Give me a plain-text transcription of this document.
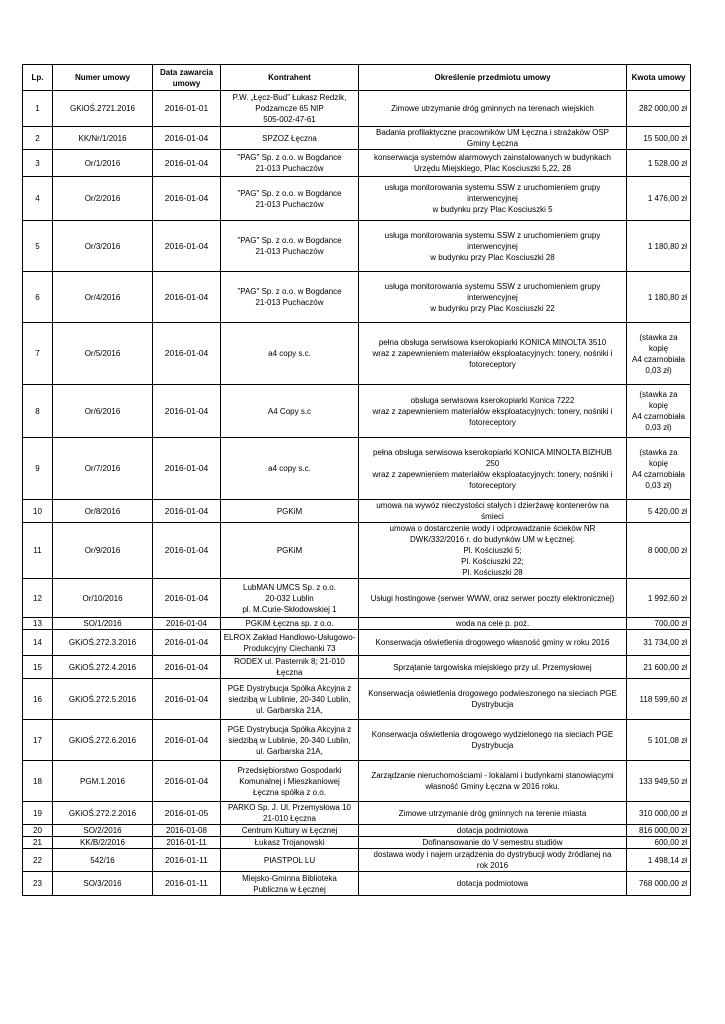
Lp.	Numer umowy	Data zawarcia umowy	Kontrahent	Określenie przedmiotu umowy	Kwota umowy
1	GKiOŚ.2721.2016	2016-01-01	P.W. „Łęcz-Bud” Łukasz Redzik,
Podzamcze 65 NIP
505-002-47-61	Zimowe utrzymanie dróg gminnych na terenach wiejskich	282 000,00 zł

2	KK/Nr/1/2016	2016-01-04	SPZOZ Łęczna	Badania profilaktyczne pracowników UM Łęczna i strażaków OSP
Gminy Łęczna	15 500,00 zł

3	Or/1/2016	2016-01-04	"PAG" Sp. z o.o. w Bogdance
21-013 Puchaczów	konserwacja systemów alarmowych zainstalowanych w budynkach
Urzędu Miejskiego, Plac Kosciuszki 5,22, 28	1 528,00 zł

4	Or/2/2016	2016-01-04	"PAG" Sp. z o.o. w Bogdance
21-013 Puchaczów	usługa monitorowania systemu SSW z uruchomieniem grupy
interwencyjnej
w budynku przy Plac Kosciuszki 5	1 476,00 zł

5	Or/3/2016	2016-01-04	"PAG" Sp. z o.o. w Bogdance
21-013 Puchaczów	usługa monitorowania systemu SSW z uruchomieniem grupy
interwencyjnej
w budynku przy Plac Kosciuszki 28	1 180,80 zł

6	Or/4/2016	2016-01-04	"PAG" Sp. z o.o. w Bogdance
21-013 Puchaczów	usługa monitorowania systemu SSW z uruchomieniem grupy
interwencyjnej
w budynku przy Plac Kosciuszki 22	1 180,80 zł

7	Or/5/2016	2016-01-04	a4 copy s.c.	pełna obsługa serwisowa kserokopiarki KONICA MINOLTA 3510
wraz z zapewnieniem materiałów eksploatacyjnych: tonery, nośniki i
fotoreceptory	(stawka za kopię
A4 czarnobiała
0,03 zł)

8	Or/6/2016	2016-01-04	A4 Copy s.c	obsługa serwisowa kserokopiarki Konica 7222
wraz z zapewnieniem materiałów eksploatacyjnych: tonery, nośniki i
fotoreceptory	(stawka za kopię
A4 czarnobiała
0,03 zł)

9	Or/7/2016	2016-01-04	a4 copy s.c.	pełna obsługa serwisowa kserokopiarki KONICA MINOLTA BIZHUB
250
wraz z zapewnieniem materiałów eksploatacyjnych: tonery, nośniki i
fotoreceptory	(stawka za kopię
A4 czarnobiała
0,03 zł)

10	Or/8/2016	2016-01-04	PGKiM	umowa na wywóz nieczystości stałych i dzierżawę kontenerów na
śmieci	5 420,00 zł

11	Or/9/2016	2016-01-04	PGKiM	umowa o dostarczenie wody i odprowadzanie ścieków NR
DWK/332/2016 r. do budynków UM w Łęcznej:
Pl. Kościuszki 5;
Pl. Kościuszki 22;
Pl. Kościuszki 28	8 000,00 zł

12	Or/10/2016	2016-01-04	LubMAN UMCS Sp. z o.o.
20-032 Lublin
pl. M.Curie-Skłodowskiej 1	Usługi hostingowe (serwer WWW, oraz serwer poczty elektronicznej)	1 992,60 zł

13	SO/1/2016	2016-01-04	PGKiM Łęczna sp. z o.o.	woda na cele p. poż.	700,00 zł

14	GKiOŚ.272.3.2016	2016-01-04	ELROX Zakład Handlowo-Usługowo-
Produkcyjny Ciechanki 73	Konserwacja oświetlenia drogowego własność gminy w roku 2016	31 734,00 zł

15	GKiOŚ.272.4.2016	2016-01-04	RODEX ul. Pasternik 8; 21-010
Łęczna	Sprzątanie targowiska miejskiego przy ul. Przemysłowej	21 600,00 zł

16	GKiOŚ.272.5.2016	2016-01-04	PGE Dystrybucja Spółka Akcyjna z
siedzibą w Lublinie, 20-340 Lublin,
ul. Garbarska 21A,	Konserwacja oświetlenia drogowego podwieszonego na sieciach PGE
Dystrybucja	118 599,60 zł

17	GKiOŚ.272.6.2016	2016-01-04	PGE Dystrybucja Spółka Akcyjna z
siedzibą w Lublinie, 20-340 Lublin,
ul. Garbarska 21A,	Konserwacja oświetlenia drogowego wydzielonego na sieciach PGE
Dystrybucja	5 101,08 zł

18	PGM.1.2016	2016-01-04	Przedsiębiorstwo Gospodarki
Komunalnej i Mieszkaniowej
Łęczna spółka z o.o.	Zarządzanie nieruchomościami - lokalami i budynkami stanowiącymi
własność Gminy Łęczna w 2016 roku.	133 949,50 zł

19	GKiOŚ.272.2.2016	2016-01-05	PARKO Sp. J. Ul. Przemysłowa 10
21-010 Łęczna	Zimowe utrzymanie dróg gminnych na terenie miasta	310 000,00 zł

20	SO/2/2016	2016-01-08	Centrum Kultury w Łęcznej	dotacja podmiotowa	816 000,00 zł

21	KK/B/2/2016	2016-01-11	Łukasz Trojanowski	Dofinansowanie do V semestru studiów	600,00 zł

22	542/16	2016-01-11	PIASTPOL LU	dostawa wody i najem urządzenia do dystrybucji wody źródlanej na
rok 2016	1 498,14 zł

23	SO/3/2016	2016-01-11	Miejsko-Gminna Biblioteka
Publiczna w Łęcznej	dotacja podmiotowa	768 000,00 zł
